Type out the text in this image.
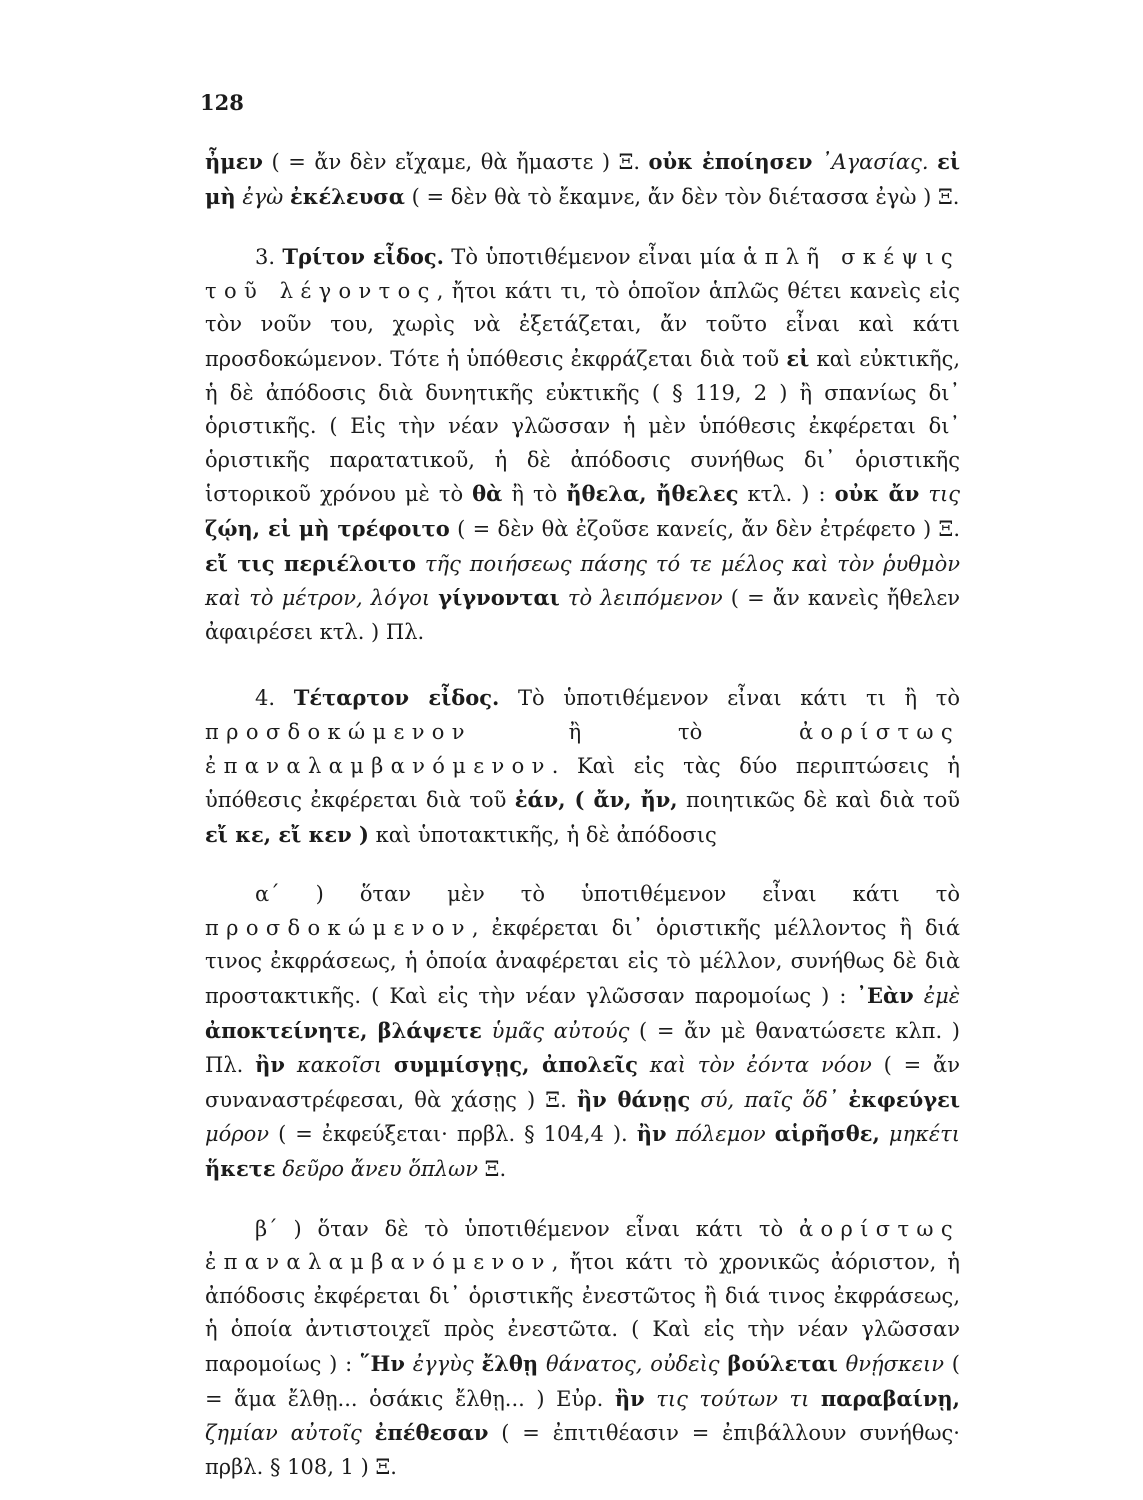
128

ἦμεν ( = ἄν δὲν εἴχαμε, θὰ ἤμαστε ) Ξ. οὐκ ἐποίησεν ᾿Αγασίας. εἰ μὴ ἐγὼ ἐκέλευσα ( = δὲν θὰ τὸ ἔκαμνε, ἄν δὲν τὸν διέτασσα ἐγὼ ) Ξ.

3. Τρίτον εἶδος. Τὸ ὑποτιθέμενον εἶναι μία ἁπλῆ σκέψις τοῦ λέγοντος, ἤτοι κάτι τι, τὸ ὁποῖον ἁπλῶς θέτει κανεὶς εἰς τὸν νοῦν του, χωρὶς νὰ ἐξετάζεται, ἄν τοῦτο εἶναι καὶ κάτι προσδοκώμενον. Τότε ἡ ὑπόθεσις ἐκφράζεται διὰ τοῦ εἰ καὶ εὐκτικῆς, ἡ δὲ ἀπόδοσις διὰ δυνητικῆς εὐκτικῆς ( § 119, 2 ) ἢ σπανίως δι᾿ ὁριστικῆς. ( Εἰς τὴν νέαν γλῶσσαν ἡ μὲν ὑπόθεσις ἐκφέρεται δι᾿ ὁριστικῆς παρατατικοῦ, ἡ δὲ ἀπόδοσις συνήθως δι᾿ ὁριστικῆς ἱστορικοῦ χρόνου μὲ τὸ θὰ ἢ τὸ ἤθελα, ἤθελες κτλ. ) : οὐκ ἄν τις ζῴη, εἰ μὴ τρέφοιτο ( = δὲν θὰ ἐζοῦσε κανείς, ἄν δὲν ἐτρέφετο ) Ξ. εἴ τις περιέλοιτο τῆς ποιήσεως πάσης τό τε μέλος καὶ τὸν ῥυθμὸν καὶ τὸ μέτρον, λόγοι γίγνονται τὸ λειπόμενον ( = ἄν κανεὶς ἤθελεν ἀφαιρέσει κτλ. ) Πλ.

4. Τέταρτον εἶδος. Τὸ ὑποτιθέμενον εἶναι κάτι τι ἢ τὸ προσδοκώμενον ἢ τὸ ἀορίστως ἐπαναλαμβανόμενον. Καὶ εἰς τὰς δύο περιπτώσεις ἡ ὑπόθεσις ἐκφέρεται διὰ τοῦ ἐάν, ( ἄν, ἤν, ποιητικῶς δὲ καὶ διὰ τοῦ εἴ κε, εἴ κεν ) καὶ ὑποτακτικῆς, ἡ δὲ ἀπόδοσις

α΄ ) ὅταν μὲν τὸ ὑποτιθέμενον εἶναι κάτι τὸ προσδοκώμενον, ἐκφέρεται δι᾿ ὁριστικῆς μέλλοντος ἢ διά τινος ἐκφράσεως, ἡ ὁποία ἀναφέρεται εἰς τὸ μέλλον, συνήθως δὲ διὰ προστακτικῆς. ( Καὶ εἰς τὴν νέαν γλῶσσαν παρομοίως ) : ᾿Εὰν ἐμὲ ἀποκτείνητε, βλάψετε ὑμᾶς αὐτούς ( = ἄν μὲ θανατώσετε κλπ. ) Πλ. ἢν κακοῖσι συμμίσγῃς, ἀπολεῖς καὶ τὸν ἐόντα νόον ( = ἄν συναναστρέφεσαι, θὰ χάσῃς ) Ξ. ἢν θάνῃς σύ, παῖς ὅδ᾿ ἐκφεύγει μόρον ( = ἐκφεύξεται· πρβλ. § 104,4 ). ἢν πόλεμον αἱρῆσθε, μηκέτι ἥκετε δεῦρο ἄνευ ὅπλων Ξ.

β΄ ) ὅταν δὲ τὸ ὑποτιθέμενον εἶναι κάτι τὸ ἀορίστως ἐπαναλαμβανόμενον, ἤτοι κάτι τὸ χρονικῶς ἀόριστον, ἡ ἀπόδοσις ἐκφέρεται δι᾿ ὁριστικῆς ἐνεστῶτος ἢ διά τινος ἐκφράσεως, ἡ ὁποία ἀντιστοιχεῖ πρὸς ἐνεστῶτα. ( Καὶ εἰς τὴν νέαν γλῶσσαν παρομοίως ) : ῞Ην ἐγγὺς ἔλθῃ θάνατος, οὐδεὶς βούλεται θνῄσκειν ( = ἅμα ἔλθῃ... ὁσάκις ἔλθῃ... ) Εὐρ. ἢν τις τούτων τι παραβαίνῃ, ζημίαν αὐτοῖς ἐπέθεσαν ( = ἐπιτιθέασιν = ἐπιβάλλουν συνήθως· πρβλ. § 108, 1 ) Ξ.
